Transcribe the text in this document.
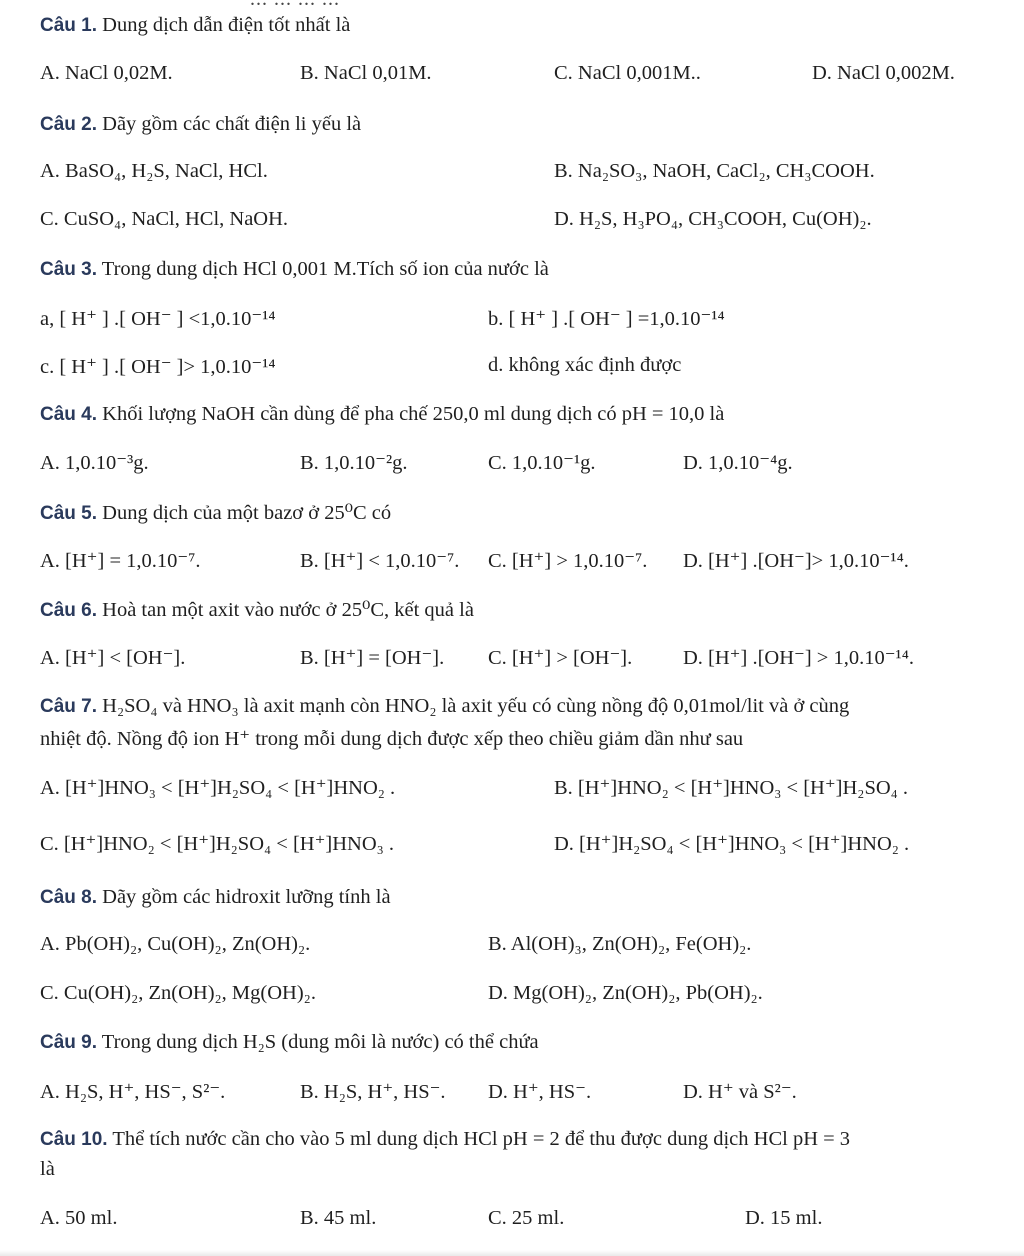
Câu 1. Dung dịch dẫn điện tốt nhất là
A. NaCl 0,02M.	B. NaCl 0,01M.	C. NaCl 0,001M..	D. NaCl 0,002M.
Câu 2. Dãy gồm các chất điện li yếu là
A. BaSO₄, H₂S, NaCl, HCl.	B. Na₂SO₃, NaOH, CaCl₂, CH₃COOH.
C. CuSO₄, NaCl, HCl, NaOH.	D. H₂S, H₃PO₄, CH₃COOH, Cu(OH)₂.
Câu 3. Trong dung dịch HCl 0,001 M.Tích số ion của nước là
a, [ H⁺ ] .[ OH⁻ ] <1,0.10⁻¹⁴	b. [ H⁺ ] .[ OH⁻ ] =1,0.10⁻¹⁴
c. [ H⁺ ] .[ OH⁻ ]> 1,0.10⁻¹⁴	d. không xác định được
Câu 4. Khối lượng NaOH cần dùng để pha chế 250,0 ml dung dịch có pH = 10,0 là
A. 1,0.10⁻³g.	B. 1,0.10⁻²g.	C. 1,0.10⁻¹g.	D. 1,0.10⁻⁴g.
Câu 5. Dung dịch của một bazơ ở 25⁰C có
A. [H⁺] = 1,0.10⁻⁷.	B. [H⁺] < 1,0.10⁻⁷. C. [H⁺] > 1,0.10⁻⁷. D. [H⁺] .[OH⁻]> 1,0.10⁻¹⁴.
Câu 6. Hoà tan một axit vào nước ở 25⁰C, kết quả là
A. [H⁺] < [OH⁻].	B. [H⁺] = [OH⁻]. C. [H⁺] > [OH⁻]. D. [H⁺] .[OH⁻] > 1,0.10⁻¹⁴.
Câu 7. H₂SO₄ và HNO₃ là axit mạnh còn HNO₂ là axit yếu có cùng nồng độ 0,01mol/lit và ở cùng
nhiệt độ. Nồng độ ion H⁺ trong mỗi dung dịch được xếp theo chiều giảm dần như sau
A. [H⁺]HNO₃ < [H⁺]H₂SO₄ < [H⁺]HNO₂ .	B. [H⁺]HNO₂ < [H⁺]HNO₃ < [H⁺]H₂SO₄ .
C. [H⁺]HNO₂ < [H⁺]H₂SO₄ < [H⁺]HNO₃ .	D. [H⁺]H₂SO₄ < [H⁺]HNO₃ < [H⁺]HNO₂ .
Câu 8. Dãy gồm các hidroxit lưỡng tính là
A. Pb(OH)₂, Cu(OH)₂, Zn(OH)₂.	B. Al(OH)₃, Zn(OH)₂, Fe(OH)₂.
C. Cu(OH)₂, Zn(OH)₂, Mg(OH)₂.	D. Mg(OH)₂, Zn(OH)₂, Pb(OH)₂.
Câu 9. Trong dung dịch H₂S (dung môi là nước) có thể chứa
A. H₂S, H⁺, HS⁻, S²⁻.	B. H₂S, H⁺, HS⁻. D. H⁺, HS⁻.	D. H⁺ và S²⁻.
Câu 10. Thể tích nước cần cho vào 5 ml dung dịch HCl pH = 2 để thu được dung dịch HCl pH = 3
là
A. 50 ml.	B. 45 ml.	C. 25 ml.	D. 15 ml.
